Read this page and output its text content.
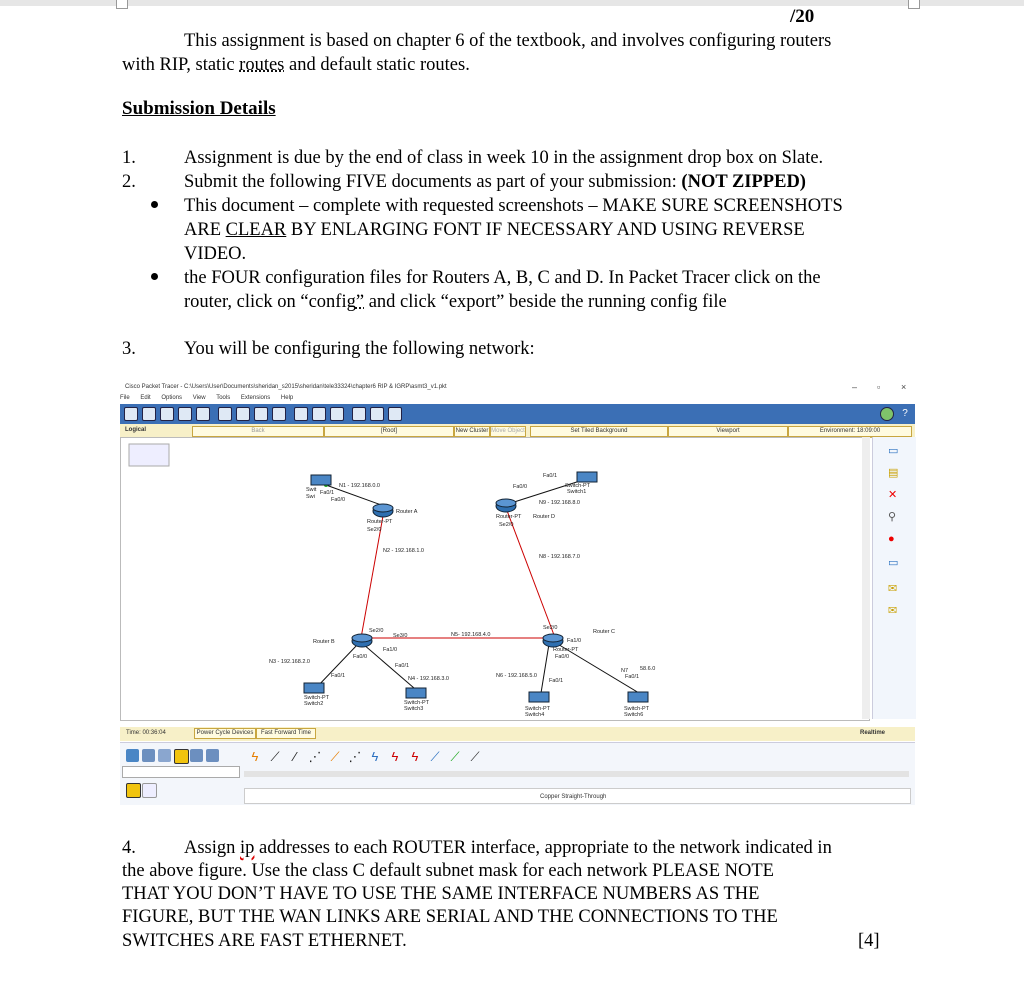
/20
This assignment is based on chapter 6 of the textbook, and involves configuring routers
with RIP, static routes and default static routes.
Submission Details
1.	Assignment is due by the end of class in week 10 in the assignment drop box on Slate.
2.	Submit the following FIVE documents as part of your submission: (NOT ZIPPED)
This document – complete with requested screenshots – MAKE SURE SCREENSHOTS
ARE CLEAR BY ENLARGING FONT IF NECESSARY AND USING REVERSE
VIDEO.
the FOUR configuration files for Routers A, B, C and D. In Packet Tracer click on the
router, click on “config” and click “export” beside the running config file
3.	You will be configuring the following network:
Cisco Packet Tracer - C:\Users\User\Documents\sheridan_s2015\sheridan\tele33324\chapter6 RIP & IGRP\asmt3_v1.pkt	– ▫ ×
File Edit Options View Tools Extensions Help
?
Logical	Back	[Root]	New Cluster Move Object	Set Tiled Background	Viewport	Environment: 18:09:00
N1 - 192.168.0.0
Swit
Swi
Fa0/1
Fa0/0
Router A
Router-PT
Se2/0
N2 - 192.168.1.0
Fa0/1
Fa0/0	Switch-PT
Switch1
N9 - 192.168.8.0
Router-PT Router D
Se2/0
N8 - 192.168.7.0
Se2/0
Se3/0	N5- 192.168.4.0
Router B
Fa1/0
Fa0/0
N3 - 192.168.2.0
Fa0/1
Fa0/1	N4 - 192.168.3.0
Switch-PT
Switch2	Switch-PT
Switch3
Se2/0
Router C
Fa1/0
Router-PT
Fa0/0
N6 - 192.168.5.0
Fa0/1
N7 58.6.0
Fa0/1
Switch-PT
Switch4
Switch-PT
Switch6
▭
▤
✕
⚲
●
▭
✉
✉
Time: 00:36:04	Power Cycle Devices	Fast Forward Time	Realtime
ϟ ⟋	⁄ ⋰ ⟋ ⋰ ϟ ϟ ϟ ⟋ ⟋ ⟋
Copper Straight-Through
4.	Assign ip addresses to each ROUTER interface, appropriate to the network indicated in
the above figure. Use the class C default subnet mask for each network PLEASE NOTE
THAT YOU DON’T HAVE TO USE THE SAME INTERFACE NUMBERS AS THE
FIGURE, BUT THE WAN LINKS ARE SERIAL AND THE CONNECTIONS TO THE
SWITCHES ARE FAST ETHERNET.	[4]
